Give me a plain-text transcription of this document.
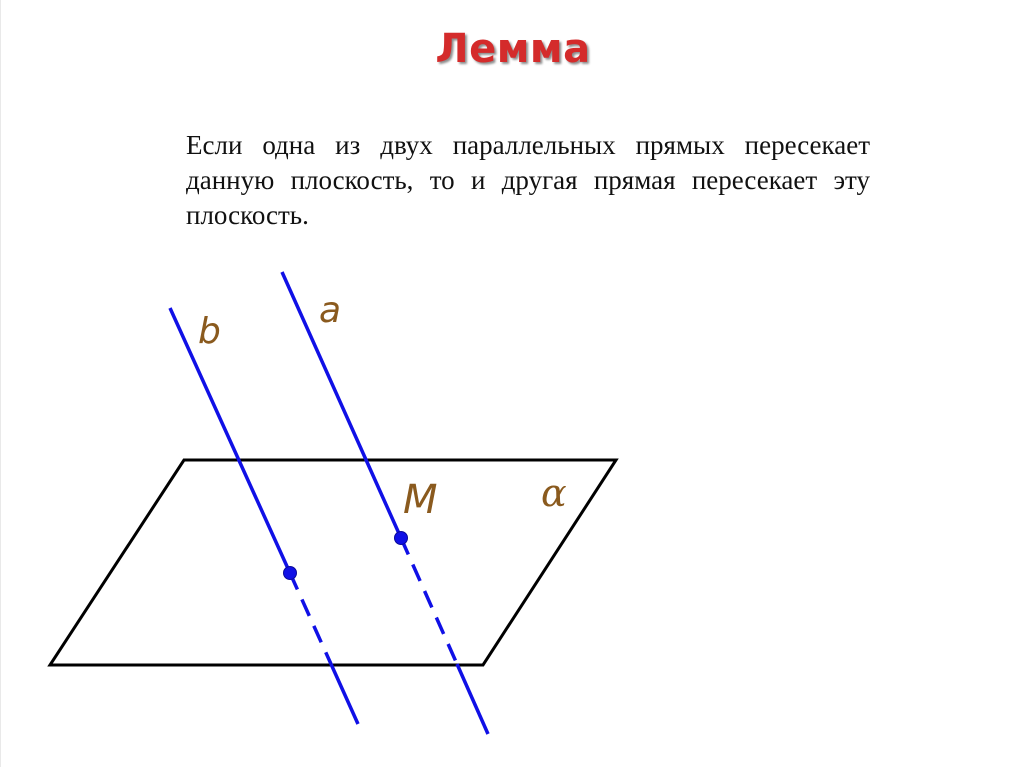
Лемма

Если одна из двух параллельных прямых пересекает данную плоскость, то и другая прямая пересекает эту плоскость.

b
a
M	α
